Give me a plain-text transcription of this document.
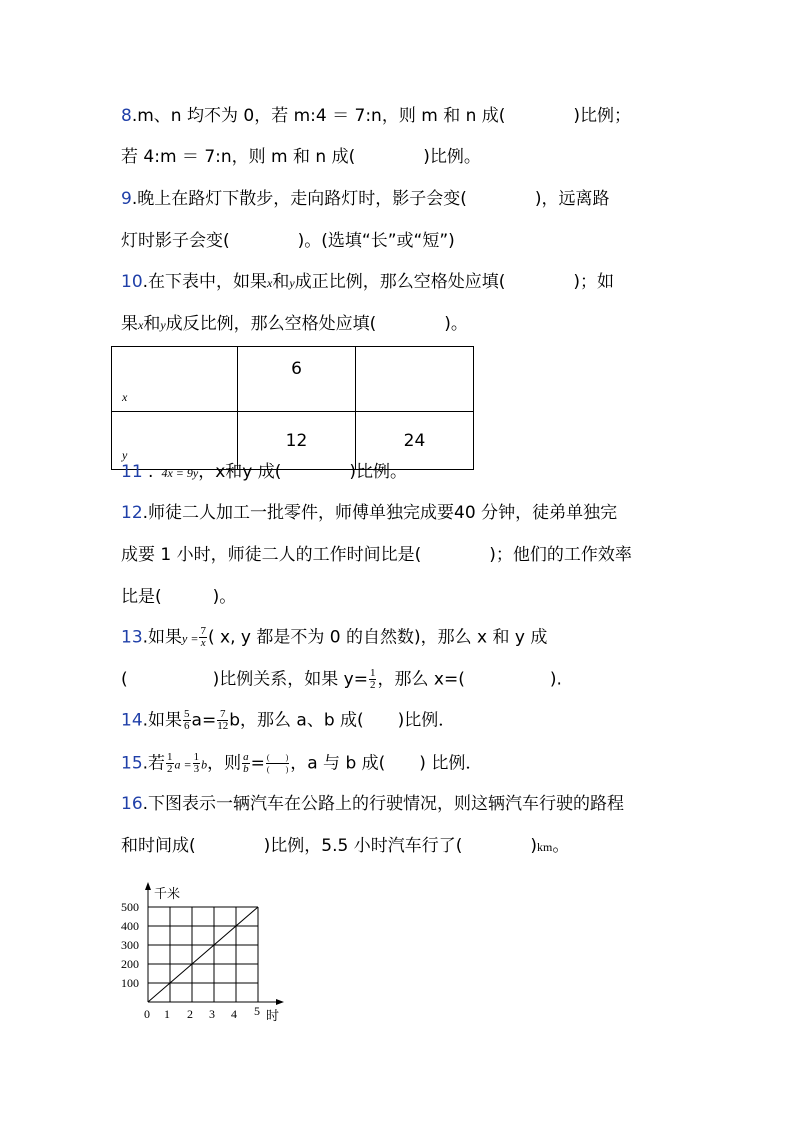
8.m、n 均不为 0，若 m:4 ＝ 7:n，则 m 和 n 成(　　　　)比例；
若 4:m ＝ 7:n，则 m 和 n 成(　　　　)比例。
9.晚上在路灯下散步，走向路灯时，影子会变(　　　　)，远离路
灯时影子会变(　　　　)。(选填“长”或“短”)
10.在下表中，如果x和y成正比例，那么空格处应填(　　　　)；如
果x和y成反比例，那么空格处应填(　　　　)。
x	6	
y	12	24
11 . 4x = 9y，x和y 成(　　　　)比例。
12.师徒二人加工一批零件，师傅单独完成要40 分钟，徒弟单独完
成要 1 小时，师徒二人的工作时间比是(　　　　)；他们的工作效率
比是(　　　)。
13.如果$y = \frac{7}{x}$ ( x, y 都是不为 0 的自然数)，那么 x 和 y 成
(　　　　　)比例关系，如果 $y= \frac{1}{2}$ ，那么 x=(　　　　　).
14.如果 $\frac{5}{6} a= \frac{7}{12}$ b，那么 a、b 成(　　)比例．
15.若 $\frac{1}{2}$ $a = \frac{1}{3}$ b，则 $\frac{a}{b} = \frac{( )}{( )}$ ，a 与 b 成(　　) 比例．
16.下图表示一辆汽车在公路上的行驶情况，则这辆汽车行驶的路程
和时间成(　　　　)比例，5.5 小时汽车行了(　　　　)km。
千米
时
500
400
300
200
100
0 1 2 3 4 5
